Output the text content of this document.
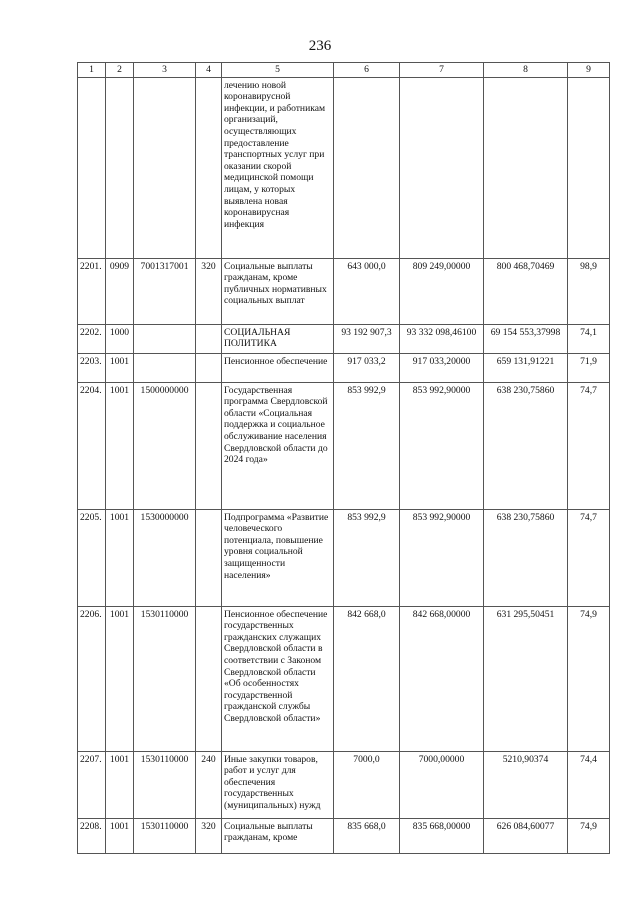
236
1	2	3	4	5	6	7	8	9
				лечению новой коронавирусной инфекции, и работникам организаций, осуществляющих предоставление транспортных услуг при оказании скорой медицинской помощи лицам, у которых выявлена новая коронавирусная инфекция				
2201.	0909	7001317001	320	Социальные выплаты гражданам, кроме публичных нормативных социальных выплат	643 000,0	809 249,00000	800 468,70469	98,9
2202.	1000			СОЦИАЛЬНАЯ ПОЛИТИКА	93 192 907,3	93 332 098,46100	69 154 553,37998	74,1
2203.	1001			Пенсионное обеспечение	917 033,2	917 033,20000	659 131,91221	71,9
2204.	1001	1500000000		Государственная программа Свердловской области «Социальная поддержка и социальное обслуживание населения Свердловской области до 2024 года»	853 992,9	853 992,90000	638 230,75860	74,7
2205.	1001	1530000000		Подпрограмма «Развитие человеческого потенциала, повышение уровня социальной защищенности населения»	853 992,9	853 992,90000	638 230,75860	74,7
2206.	1001	1530110000		Пенсионное обеспечение государственных гражданских служащих Свердловской области в соответствии с Законом Свердловской области «Об особенностях государственной гражданской службы Свердловской области»	842 668,0	842 668,00000	631 295,50451	74,9
2207.	1001	1530110000	240	Иные закупки товаров, работ и услуг для обеспечения государственных (муниципальных) нужд	7000,0	7000,00000	5210,90374	74,4
2208.	1001	1530110000	320	Социальные выплаты гражданам, кроме	835 668,0	835 668,00000	626 084,60077	74,9
